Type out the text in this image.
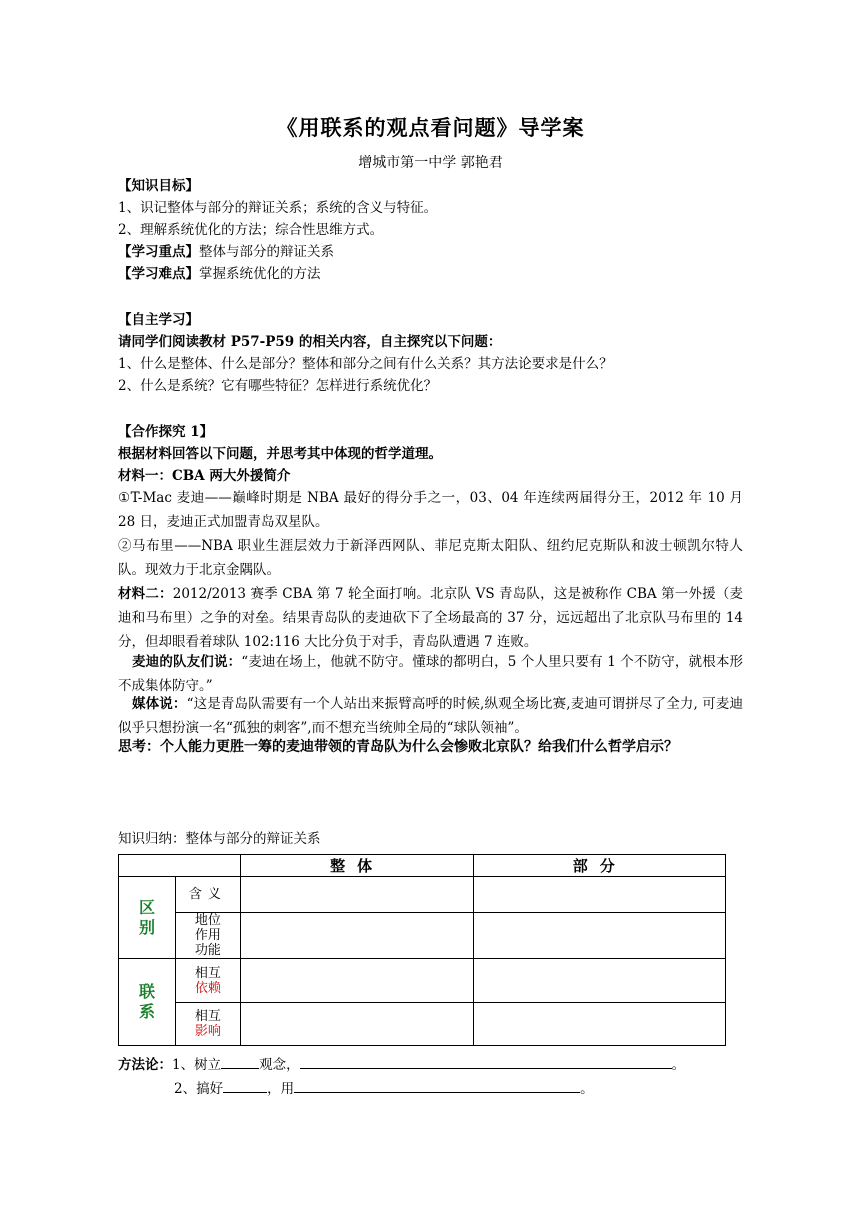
《用联系的观点看问题》导学案
增城市第一中学 郭艳君
【知识目标】
1、识记整体与部分的辩证关系；系统的含义与特征。
2、理解系统优化的方法；综合性思维方式。
【学习重点】整体与部分的辩证关系
【学习难点】掌握系统优化的方法
【自主学习】
请同学们阅读教材 P57-P59 的相关内容，自主探究以下问题：
1、什么是整体、什么是部分？整体和部分之间有什么关系？其方法论要求是什么？
2、什么是系统？它有哪些特征？怎样进行系统优化？
【合作探究 1】
根据材料回答以下问题，并思考其中体现的哲学道理。
材料一：CBA 两大外援简介
①T-Mac 麦迪——巅峰时期是 NBA 最好的得分手之一，03、04 年连续两届得分王，2012 年 10 月 28 日，麦迪正式加盟青岛双星队。
②马布里——NBA 职业生涯层效力于新泽西网队、菲尼克斯太阳队、纽约尼克斯队和波士顿凯尔特人队。现效力于北京金隅队。
材料二：2012/2013 赛季 CBA 第 7 轮全面打响。北京队 VS 青岛队，这是被称作 CBA 第一外援（麦迪和马布里）之争的对垒。结果青岛队的麦迪砍下了全场最高的 37 分，远远超出了北京队马布里的 14 分，但却眼看着球队 102:116 大比分负于对手，青岛队遭遇 7 连败。
麦迪的队友们说：“麦迪在场上，他就不防守。懂球的都明白，5 个人里只要有 1 个不防守，就根本形不成集体防守。”
媒体说：“这是青岛队需要有一个人站出来振臂高呼的时候,纵观全场比赛,麦迪可谓拼尽了全力, 可麦迪似乎只想扮演一名“孤独的刺客”,而不想充当统帅全局的“球队领袖”。
思考：个人能力更胜一筹的麦迪带领的青岛队为什么会惨败北京队？给我们什么哲学启示？
知识归纳：整体与部分的辩证关系
		整体	部分
区别	含义		

	地位
作用
功能		

联系	相互
依赖		

	相互
影响		

方法论：1、树立	观念，	。
2、搞好	，用	。
